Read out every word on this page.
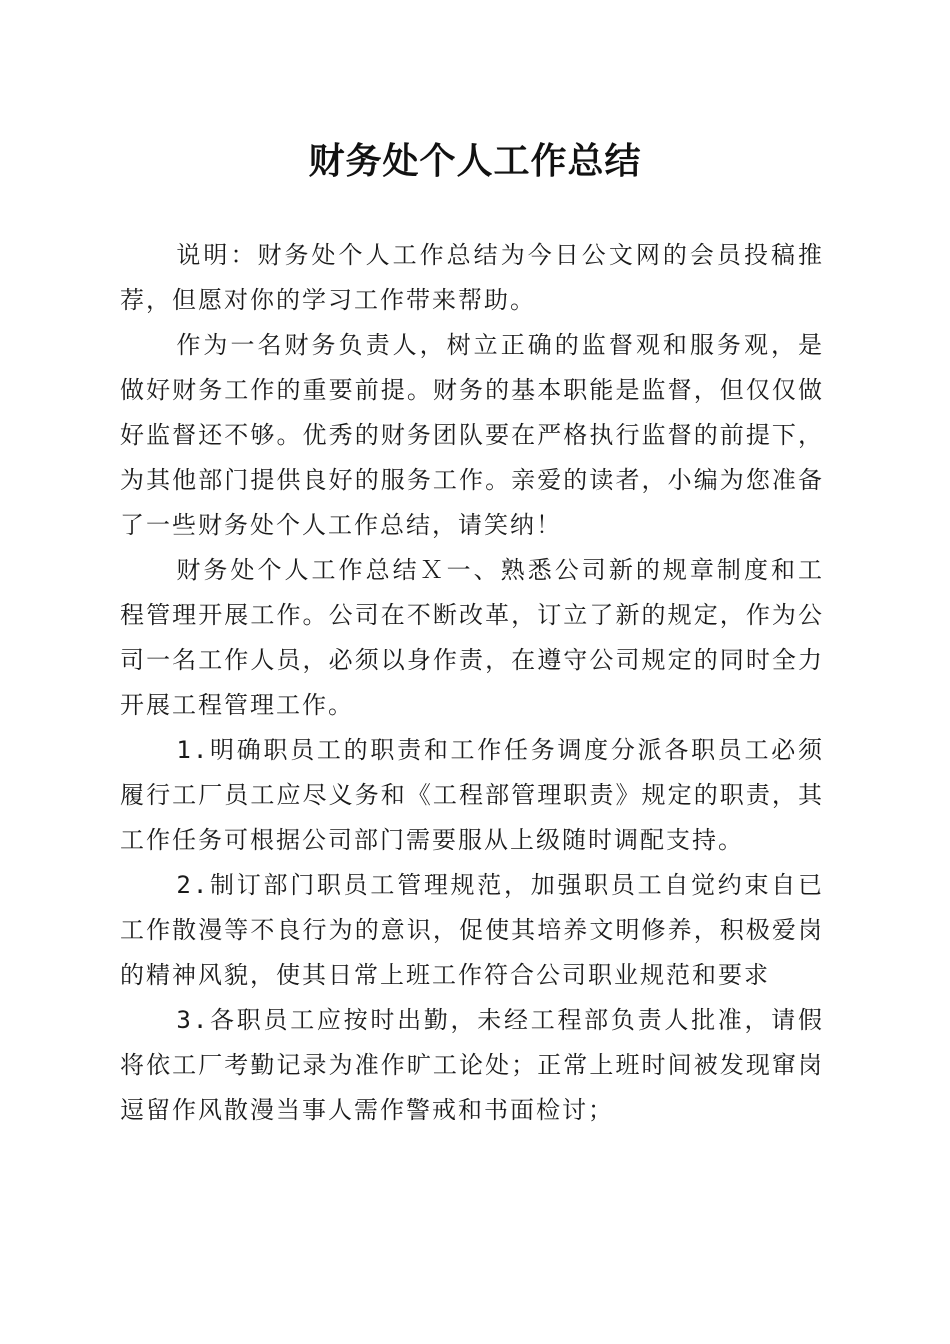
财务处个人工作总结

说明：财务处个人工作总结为今日公文网的会员投稿推荐，但愿对你的学习工作带来帮助。

作为一名财务负责人，树立正确的监督观和服务观，是做好财务工作的重要前提。财务的基本职能是监督，但仅仅做好监督还不够。优秀的财务团队要在严格执行监督的前提下，为其他部门提供良好的服务工作。亲爱的读者，小编为您准备了一些财务处个人工作总结，请笑纳！

财务处个人工作总结Ｘ一、熟悉公司新的规章制度和工程管理开展工作。公司在不断改革，订立了新的规定，作为公司一名工作人员，必须以身作责，在遵守公司规定的同时全力开展工程管理工作。

1.明确职员工的职责和工作任务调度分派各职员工必须履行工厂员工应尽义务和《工程部管理职责》规定的职责，其工作任务可根据公司部门需要服从上级随时调配支持。

2.制订部门职员工管理规范，加强职员工自觉约束自已工作散漫等不良行为的意识，促使其培养文明修养，积极爱岗的精神风貌，使其日常上班工作符合公司职业规范和要求

3.各职员工应按时出勤，未经工程部负责人批准，请假将依工厂考勤记录为准作旷工论处；正常上班时间被发现窜岗逗留作风散漫当事人需作警戒和书面检讨；
